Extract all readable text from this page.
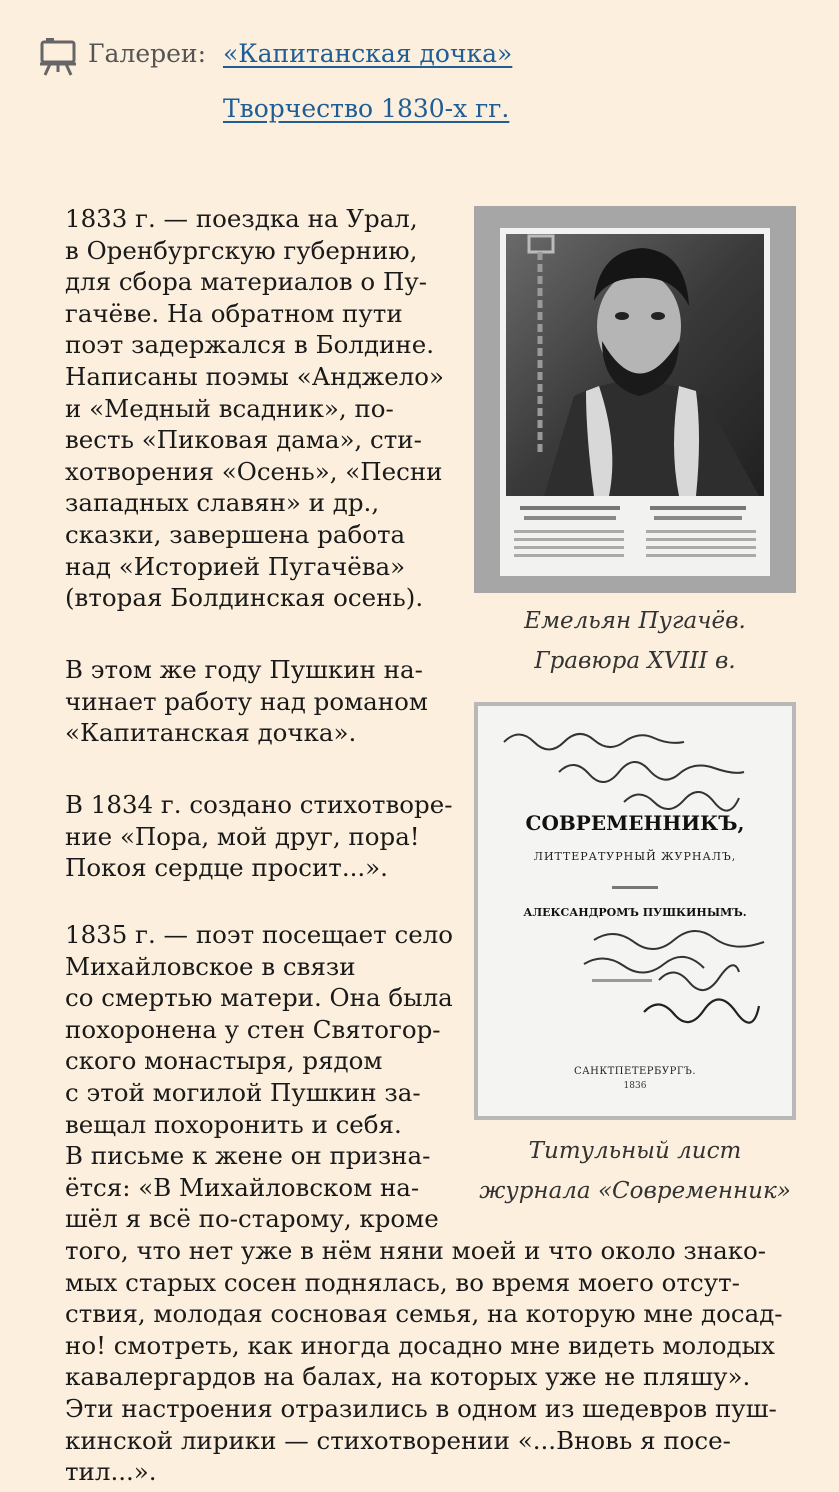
Галереи: «Капитанская дочка»
Творчество 1830-х гг.
1833 г. — поездка на Урал,
в Оренбургскую губернию,
для сбора материалов о Пу-
гачёве. На обратном пути
поэт задержался в Болдине.
Написаны поэмы «Анджело»
и «Медный всадник», по-
весть «Пиковая дама», сти-
хотворения «Осень», «Песни
западных славян» и др.,
сказки, завершена работа
над «Историей Пугачёва»
(вторая Болдинская осень).
В этом же году Пушкин на-
чинает работу над романом
«Капитанская дочка».
В 1834 г. создано стихотворе-
ние «Пора, мой друг, пора!
Покоя сердце просит...».
1835 г. — поэт посещает село
Михайловское в связи
со смертью матери. Она была
похоронена у стен Святогор-
ского монастыря, рядом
с этой могилой Пушкин за-
вещал похоронить и себя.
В письме к жене он призна-
ётся: «В Михайловском на-
шёл я всё по-старому, кроме
того, что нет уже в нём няни моей и что около знако-
мых старых сосен поднялась, во время моего отсут-
ствия, молодая сосновая семья, на которую мне досад-
но! смотреть, как иногда досадно мне видеть молодых
кавалергардов на балах, на которых уже не пляшу».
Эти настроения отразились в одном из шедевров пуш-
кинской лирики — стихотворении «...Вновь я посе-
тил...».
Емельян Пугачёв.
Гравюра XVIII в.
СОВРЕМЕННИКЪ,
ЛИТТЕРАТУРНЫЙ ЖУРНАЛЪ,
АЛЕКСАНДРОМЪ ПУШКИНЫМЪ.
САНКТПЕТЕРБУРГЪ.
1836
Титульный лист
журнала «Современник»
